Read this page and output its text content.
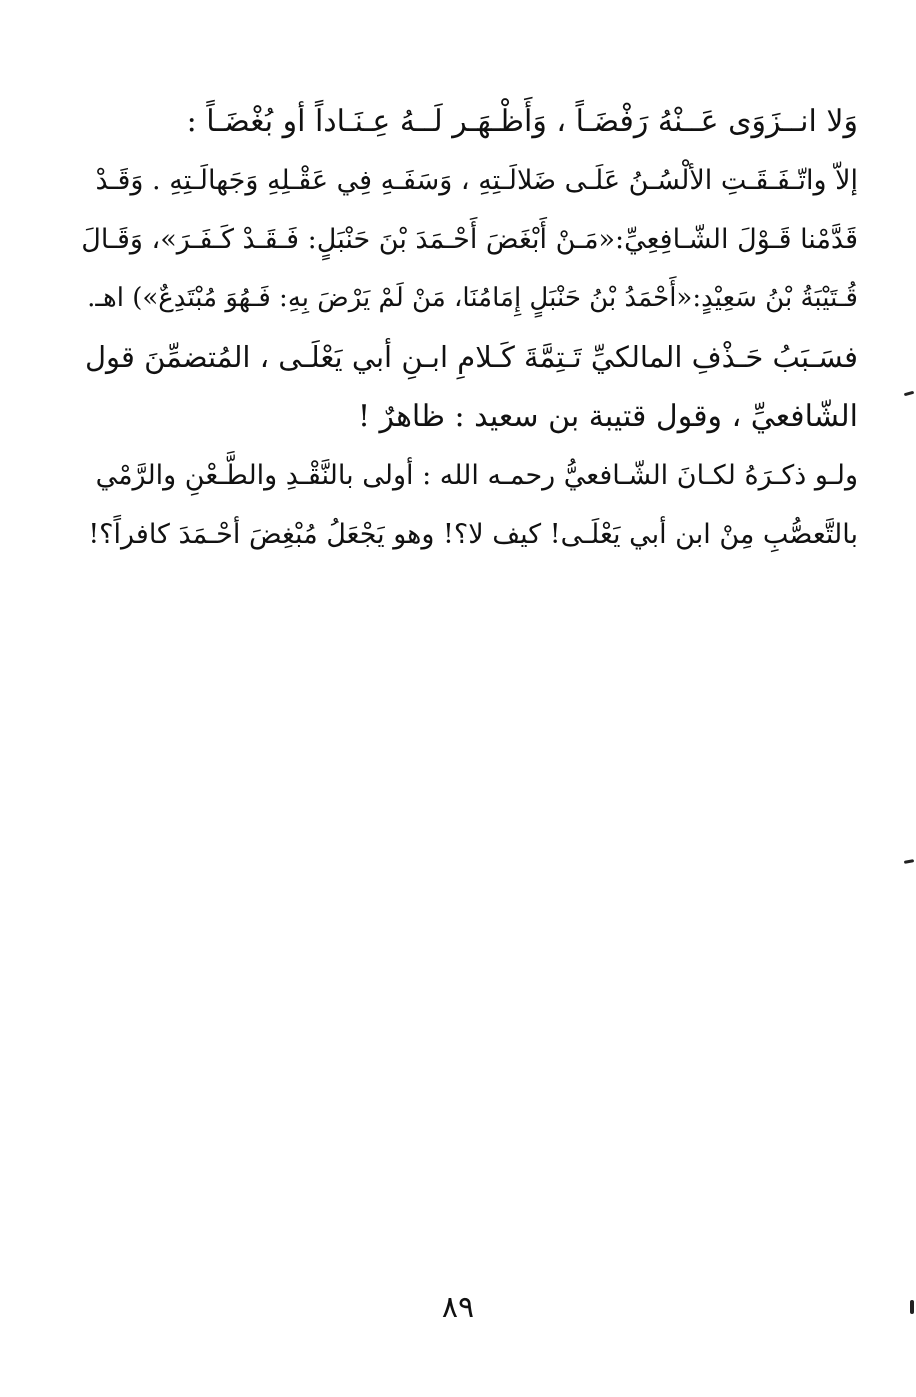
وَلا انــزَوَى عَــنْهُ رَفْضَـاً ، وَأَظْـهَـر لَــهُ عِـنَـاداً أو بُغْضَـاً :
إلاّ واتّـفَـقَـتِ الألْسُـنُ عَلَـى ضَلالَـتِهِ ، وَسَفَـهِ فِي عَقْـلِهِ وَجَهالَـتِهِ . وَقَـدْ
قَدَّمْنا قَـوْلَ الشّـافِعِيِّ:«مَـنْ أَبْغَضَ أَحْـمَدَ بْنَ حَنْبَلٍ: فَـقَـدْ كَـفَـرَ»، وَقَـالَ
قُـتَيْبَةُ بْنُ سَعِيْدٍ:«أَحْمَدُ بْنُ حَنْبَلٍ إِمَامُنَا، مَنْ لَمْ يَرْضَ بِهِ: فَـهُوَ مُبْتَدِعٌ») اهـ.

فسَـبَبُ حَـذْفِ المالكيِّ تَـتِمَّةَ كَـلامِ ابـنِ أبي يَعْلَـى ، المُتضمِّنَ قول
الشّافعيِّ ، وقول قتيبة بن سعيد : ظاهرٌ !

ولـو ذكـرَهُ لكـانَ الشّـافعيُّ رحمـه الله : أولى بالنَّقْـدِ والطَّـعْنِ والرَّمْي
بالتَّعصُّبِ مِنْ ابن أبي يَعْلَـى! كيف لا؟! وهو يَجْعَلُ مُبْغِضَ أحْـمَدَ كافراً؟!

٨٩
